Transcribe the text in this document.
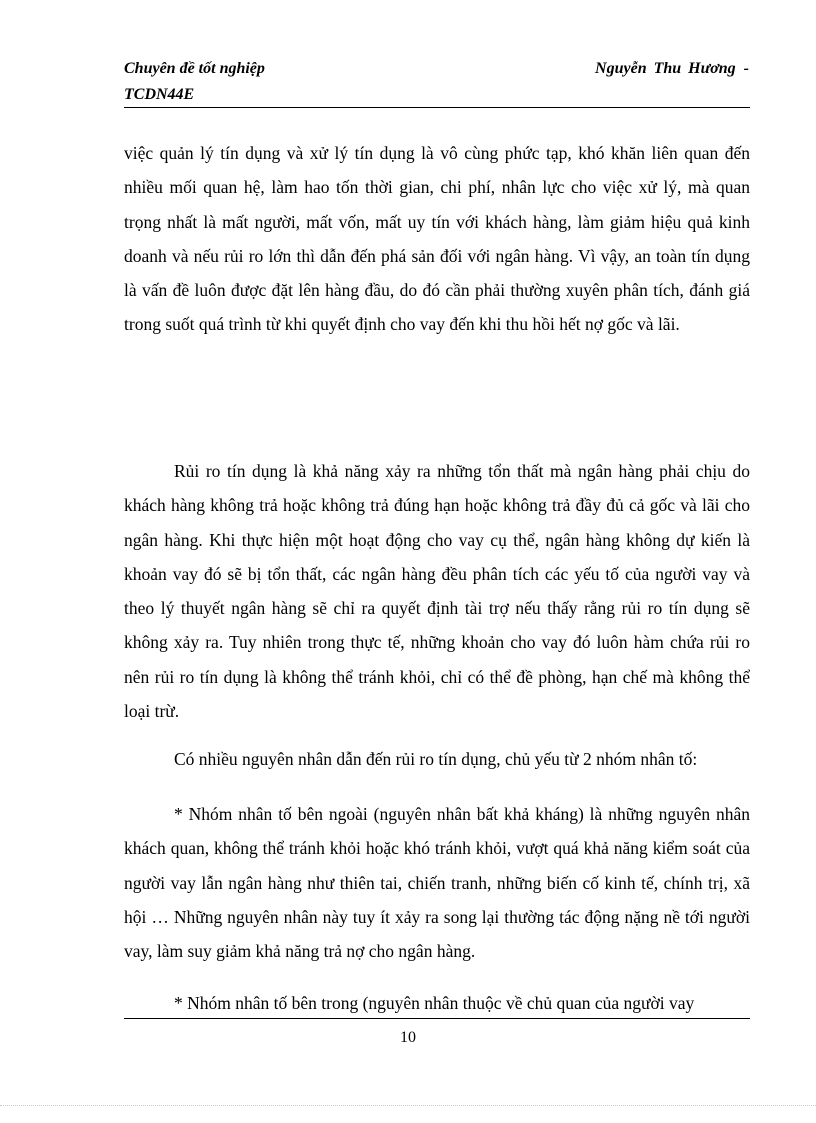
Chuyên đề tốt nghiệp	Nguyễn Thu Hương -
TCDN44E

việc quản lý tín dụng và xử lý tín dụng là vô cùng phức tạp, khó khăn liên quan đến nhiều mối quan hệ, làm hao tốn thời gian, chi phí, nhân lực cho việc xử lý, mà quan trọng nhất là mất người, mất vốn, mất uy tín với khách hàng, làm giảm hiệu quả kinh doanh và nếu rủi ro lớn thì dẫn đến phá sản đối với ngân hàng. Vì vậy, an toàn tín dụng là vấn đề luôn được đặt lên hàng đầu, do đó cần phải thường xuyên phân tích, đánh giá trong suốt quá trình từ khi quyết định cho vay đến khi thu hồi hết nợ gốc và lãi.

Rủi ro tín dụng là khả năng xảy ra những tổn thất mà ngân hàng phải chịu do khách hàng không trả hoặc không trả đúng hạn hoặc không trả đầy đủ cả gốc và lãi cho ngân hàng. Khi thực hiện một hoạt động cho vay cụ thể, ngân hàng không dự kiến là khoản vay đó sẽ bị tổn thất, các ngân hàng đều phân tích các yếu tố của người vay và theo lý thuyết ngân hàng sẽ chỉ ra quyết định tài trợ nếu thấy rằng rủi ro tín dụng sẽ không xảy ra. Tuy nhiên trong thực tế, những khoản cho vay đó luôn hàm chứa rủi ro nên rủi ro tín dụng là không thể tránh khỏi, chỉ có thể đề phòng, hạn chế mà không thể loại trừ.

Có nhiều nguyên nhân dẫn đến rủi ro tín dụng, chủ yếu từ 2 nhóm nhân tố:

* Nhóm nhân tố bên ngoài (nguyên nhân bất khả kháng) là những nguyên nhân khách quan, không thể tránh khỏi hoặc khó tránh khỏi, vượt quá khả năng kiểm soát của người vay lẫn ngân hàng như thiên tai, chiến tranh, những biến cố kinh tế, chính trị, xã hội … Những nguyên nhân này tuy ít xảy ra song lại thường tác động nặng nề tới người vay, làm suy giảm khả năng trả nợ cho ngân hàng.

* Nhóm nhân tố bên trong (nguyên nhân thuộc về chủ quan của người vay

10
